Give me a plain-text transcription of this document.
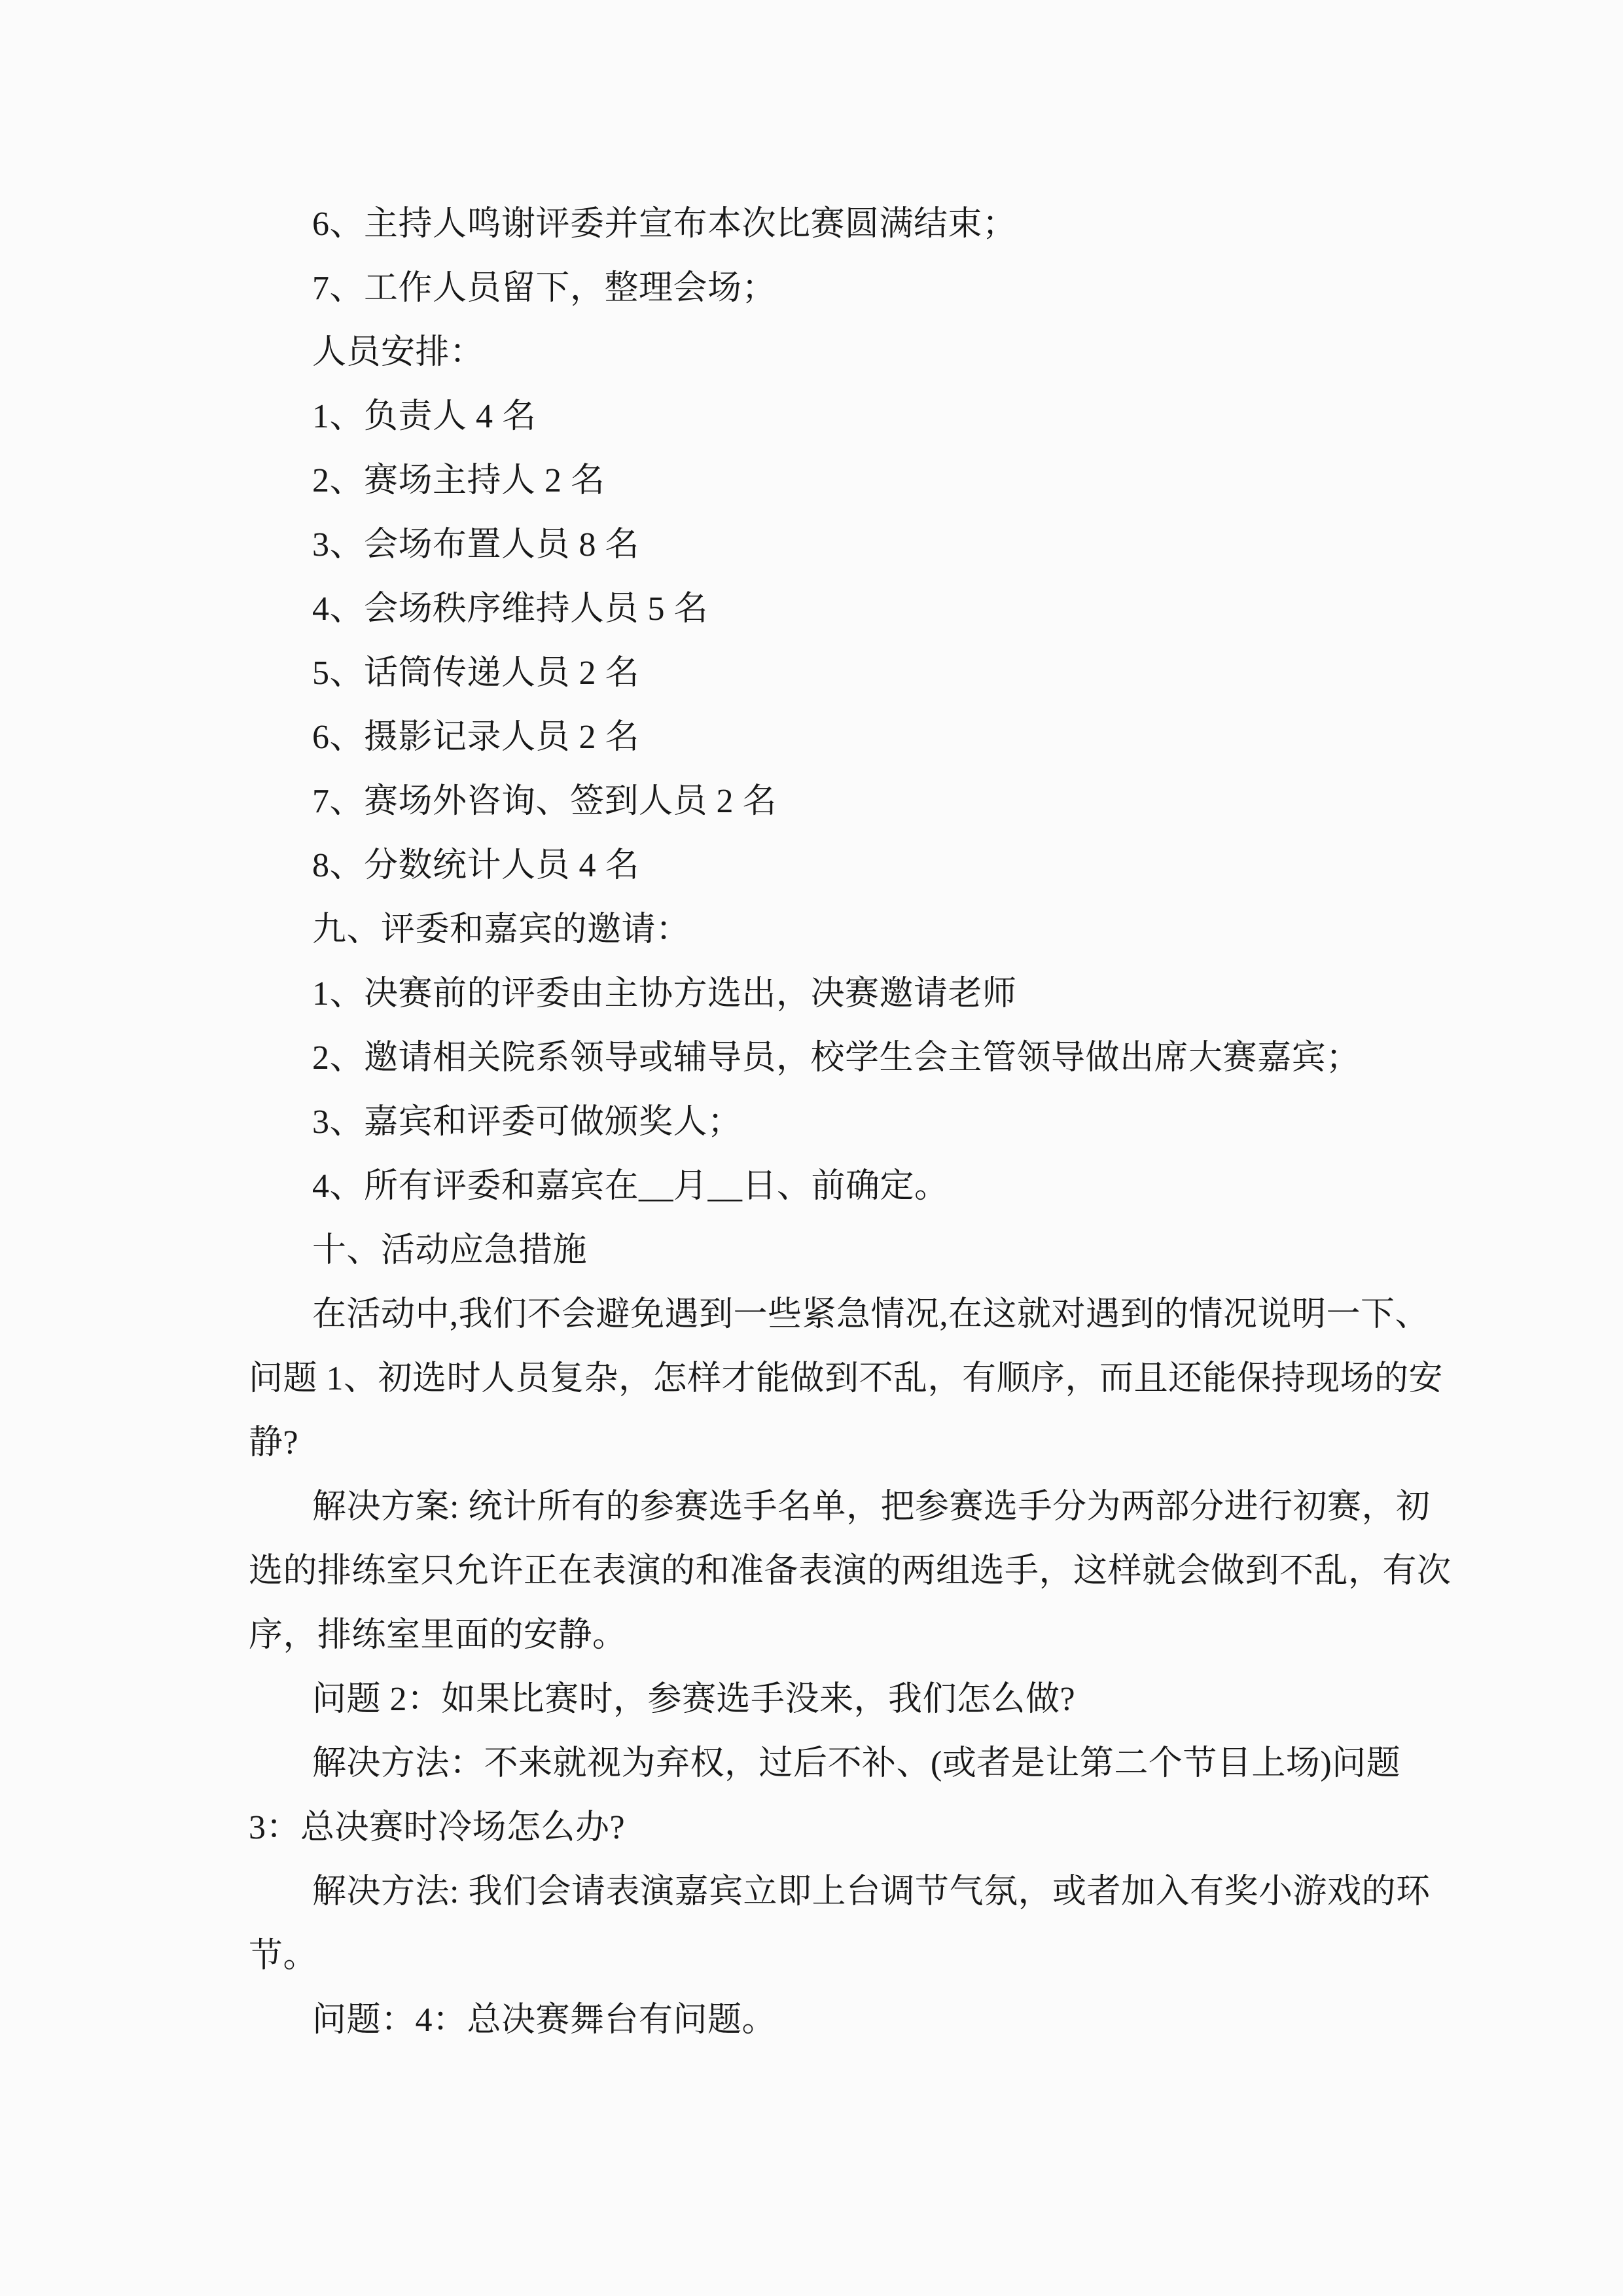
6、主持人鸣谢评委并宣布本次比赛圆满结束；
7、工作人员留下，整理会场；
人员安排：
1、负责人 4 名
2、赛场主持人 2 名
3、会场布置人员 8 名
4、会场秩序维持人员 5 名
5、话筒传递人员 2 名
6、摄影记录人员 2 名
7、赛场外咨询、签到人员 2 名
8、分数统计人员 4 名
九、评委和嘉宾的邀请：
1、决赛前的评委由主协方选出，决赛邀请老师
2、邀请相关院系领导或辅导员，校学生会主管领导做出席大赛嘉宾；
3、嘉宾和评委可做颁奖人；
4、所有评委和嘉宾在__月__日、前确定。
十、活动应急措施
在活动中,我们不会避免遇到一些紧急情况,在这就对遇到的情况说明一下、
问题 1、初选时人员复杂，怎样才能做到不乱，有顺序，而且还能保持现场的安
静?
解决方案: 统计所有的参赛选手名单，把参赛选手分为两部分进行初赛，初
选的排练室只允许正在表演的和准备表演的两组选手，这样就会做到不乱，有次
序，排练室里面的安静。
问题 2：如果比赛时，参赛选手没来，我们怎么做?
解决方法：不来就视为弃权，过后不补、(或者是让第二个节目上场)问题
3：总决赛时冷场怎么办?
解决方法: 我们会请表演嘉宾立即上台调节气氛，或者加入有奖小游戏的环
节。
问题：4：总决赛舞台有问题。
